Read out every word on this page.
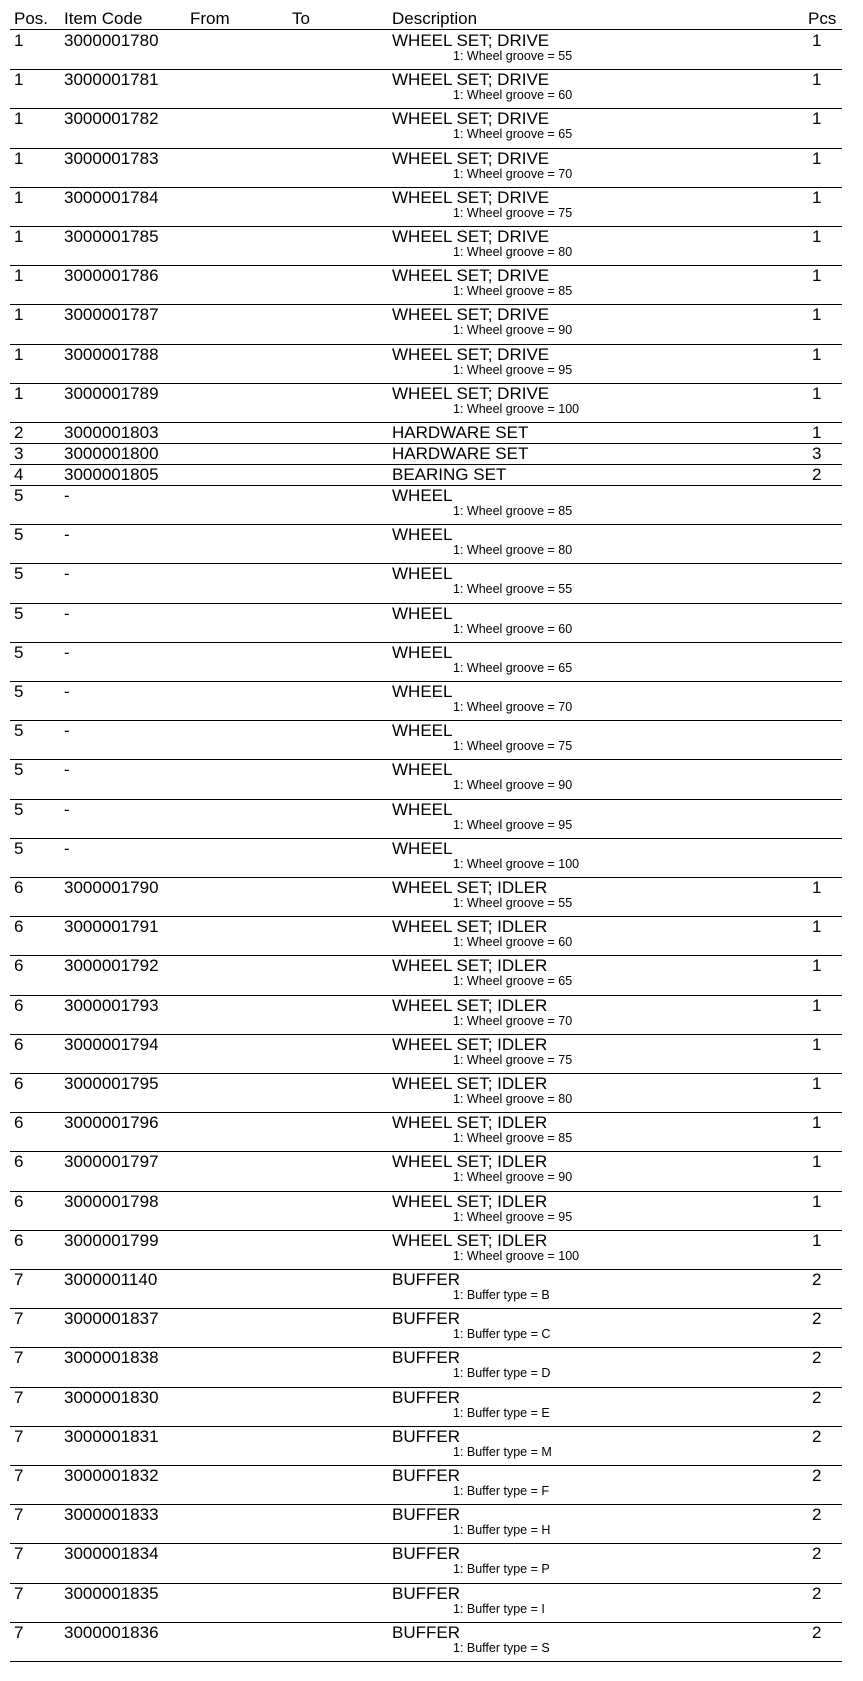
Pos. Item Code	From	To	Description	Pcs
1 3000001780	WHEEL SET; DRIVE	1
1: Wheel groove = 55
1 3000001781	WHEEL SET; DRIVE	1
1: Wheel groove = 60
1 3000001782	WHEEL SET; DRIVE	1
1: Wheel groove = 65
1 3000001783	WHEEL SET; DRIVE	1
1: Wheel groove = 70
1 3000001784	WHEEL SET; DRIVE	1
1: Wheel groove = 75
1 3000001785	WHEEL SET; DRIVE	1
1: Wheel groove = 80
1 3000001786	WHEEL SET; DRIVE	1
1: Wheel groove = 85
1 3000001787	WHEEL SET; DRIVE	1
1: Wheel groove = 90
1 3000001788	WHEEL SET; DRIVE	1
1: Wheel groove = 95
1 3000001789	WHEEL SET; DRIVE	1
1: Wheel groove = 100
2 3000001803	HARDWARE SET	1
3 3000001800	HARDWARE SET	3
4 3000001805	BEARING SET	2
5 -	WHEEL
1: Wheel groove = 85
5 -	WHEEL
1: Wheel groove = 80
5 -	WHEEL
1: Wheel groove = 55
5 -	WHEEL
1: Wheel groove = 60
5 -	WHEEL
1: Wheel groove = 65
5 -	WHEEL
1: Wheel groove = 70
5 -	WHEEL
1: Wheel groove = 75
5 -	WHEEL
1: Wheel groove = 90
5 -	WHEEL
1: Wheel groove = 95
5 -	WHEEL
1: Wheel groove = 100
6 3000001790	WHEEL SET; IDLER	1
1: Wheel groove = 55
6 3000001791	WHEEL SET; IDLER	1
1: Wheel groove = 60
6 3000001792	WHEEL SET; IDLER	1
1: Wheel groove = 65
6 3000001793	WHEEL SET; IDLER	1
1: Wheel groove = 70
6 3000001794	WHEEL SET; IDLER	1
1: Wheel groove = 75
6 3000001795	WHEEL SET; IDLER	1
1: Wheel groove = 80
6 3000001796	WHEEL SET; IDLER	1
1: Wheel groove = 85
6 3000001797	WHEEL SET; IDLER	1
1: Wheel groove = 90
6 3000001798	WHEEL SET; IDLER	1
1: Wheel groove = 95
6 3000001799	WHEEL SET; IDLER	1
1: Wheel groove = 100
7 3000001140	BUFFER	2
1: Buffer type = B
7 3000001837	BUFFER	2
1: Buffer type = C
7 3000001838	BUFFER	2
1: Buffer type = D
7 3000001830	BUFFER	2
1: Buffer type = E
7 3000001831	BUFFER	2
1: Buffer type = M
7 3000001832	BUFFER	2
1: Buffer type = F
7 3000001833	BUFFER	2
1: Buffer type = H
7 3000001834	BUFFER	2
1: Buffer type = P
7 3000001835	BUFFER	2
1: Buffer type = I
7 3000001836	BUFFER	2
1: Buffer type = S
